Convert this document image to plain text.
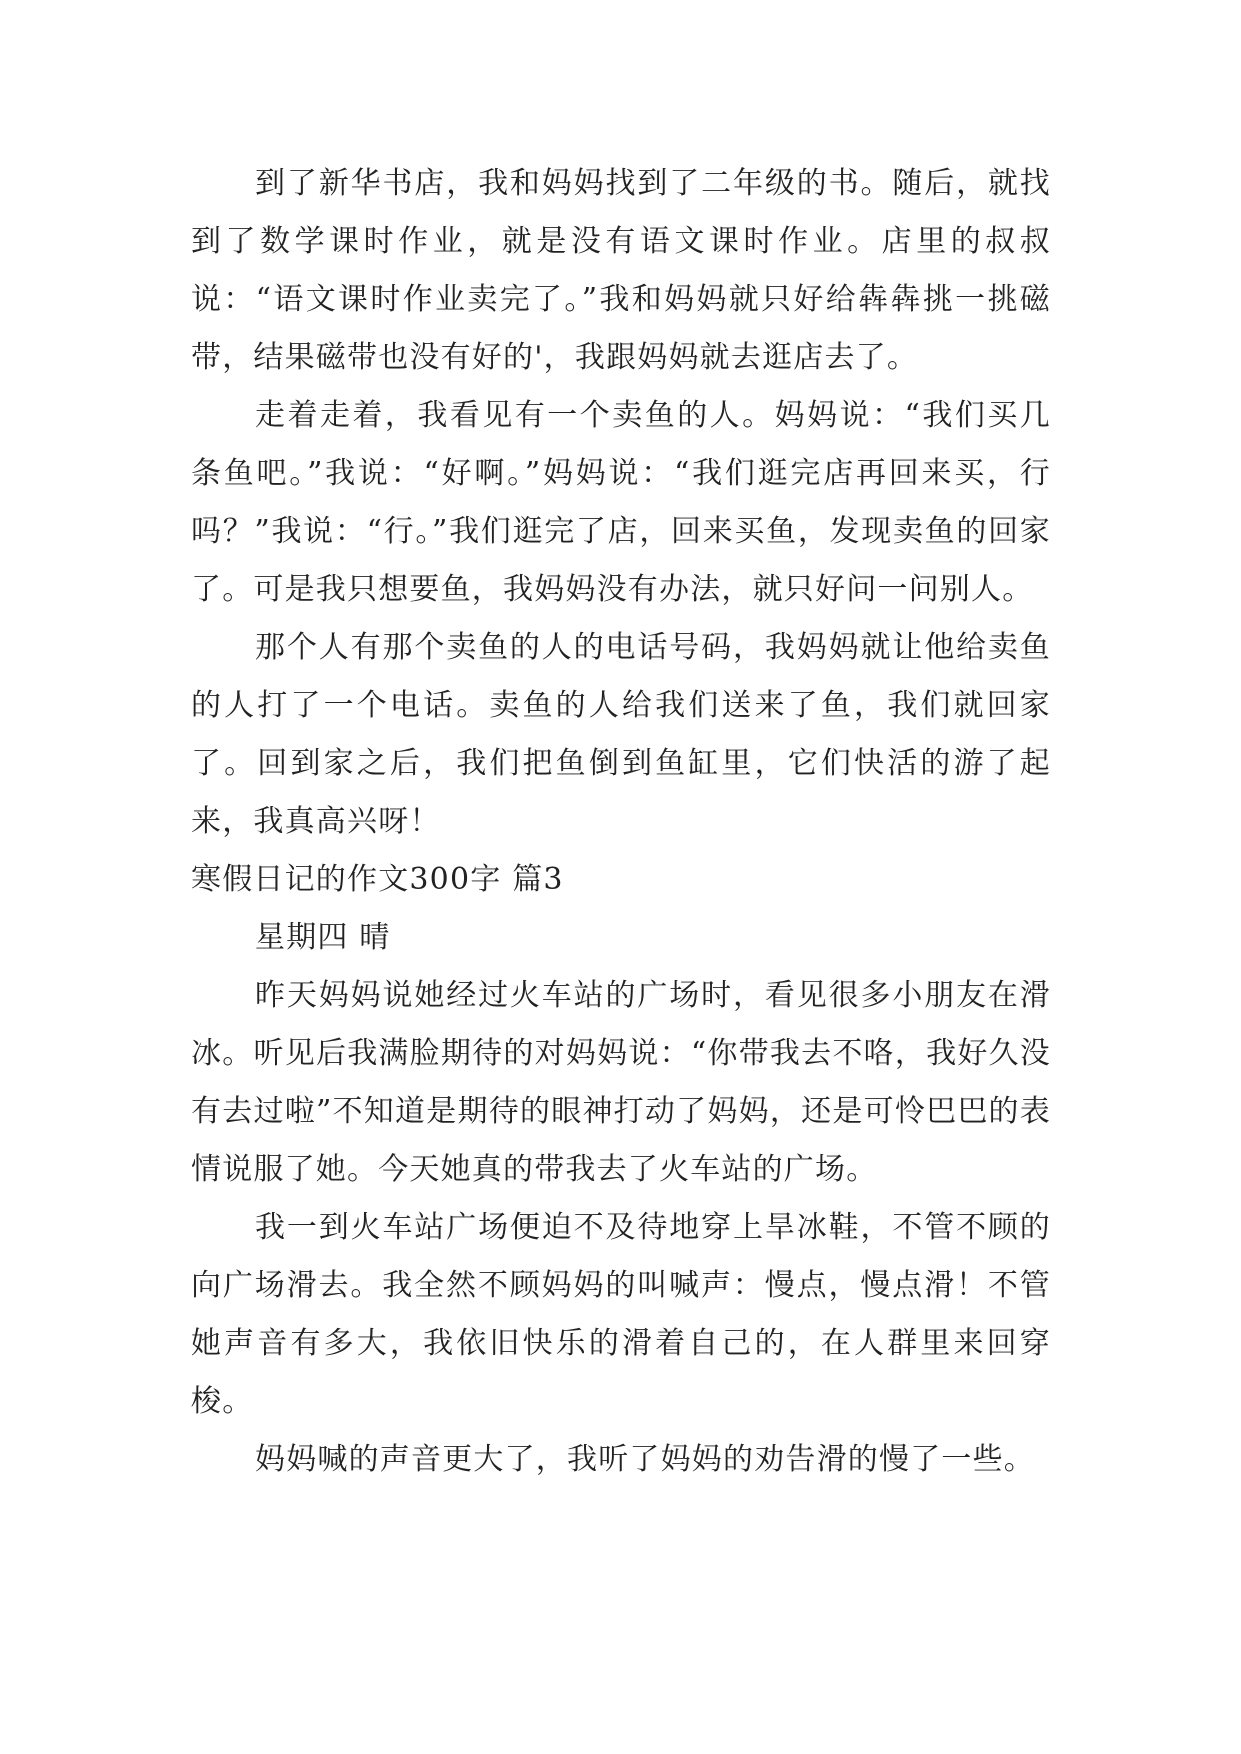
到了新华书店，我和妈妈找到了二年级的书。随后，就找到了数学课时作业，就是没有语文课时作业。店里的叔叔说：“语文课时作业卖完了。”我和妈妈就只好给犇犇挑一挑磁带，结果磁带也没有好的'，我跟妈妈就去逛店去了。

走着走着，我看见有一个卖鱼的人。妈妈说：“我们买几条鱼吧。”我说：“好啊。”妈妈说：“我们逛完店再回来买，行吗？”我说：“行。”我们逛完了店，回来买鱼，发现卖鱼的回家了。可是我只想要鱼，我妈妈没有办法，就只好问一问别人。

那个人有那个卖鱼的人的电话号码，我妈妈就让他给卖鱼的人打了一个电话。卖鱼的人给我们送来了鱼，我们就回家了。回到家之后，我们把鱼倒到鱼缸里，它们快活的游了起来，我真高兴呀！

寒假日记的作文300字 篇3

星期四 晴

昨天妈妈说她经过火车站的广场时，看见很多小朋友在滑冰。听见后我满脸期待的对妈妈说：“你带我去不咯，我好久没有去过啦”不知道是期待的眼神打动了妈妈，还是可怜巴巴的表情说服了她。今天她真的带我去了火车站的广场。

我一到火车站广场便迫不及待地穿上旱冰鞋，不管不顾的向广场滑去。我全然不顾妈妈的叫喊声：慢点，慢点滑！不管她声音有多大，我依旧快乐的滑着自己的，在人群里来回穿梭。

妈妈喊的声音更大了，我听了妈妈的劝告滑的慢了一些。
